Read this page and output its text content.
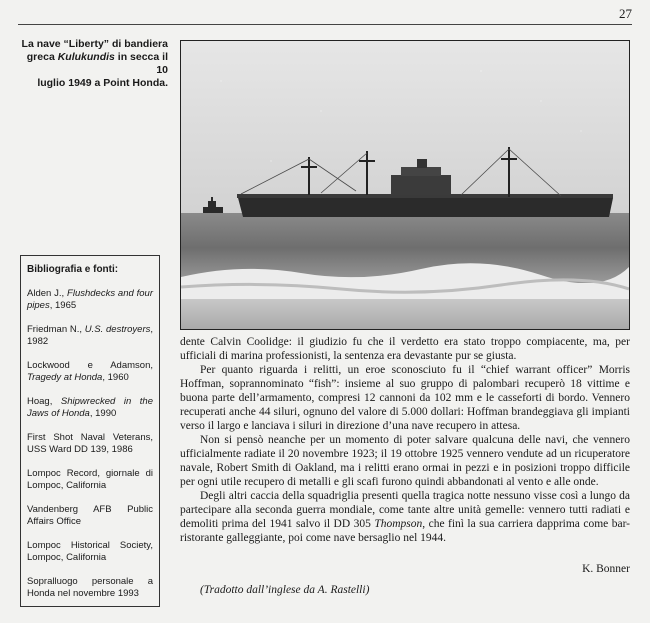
27
La nave “Liberty” di bandiera
greca Kulukundis in secca il 10
luglio 1949 a Point Honda.
Bibliografia e fonti:
Alden J., Flushdecks and four pipes, 1965
Friedman N., U.S. destroyers, 1982
Lockwood e Adamson, Tragedy at Honda, 1960
Hoag, Shipwrecked in the Jaws of Honda, 1990
First Shot Naval Veterans, USS Ward DD 139, 1986
Lompoc Record, giornale di Lompoc, California
Vandenberg AFB Public Affairs Office
Lompoc Historical Society, Lompoc, California
Sopralluogo personale a Honda nel novembre 1993

dente Calvin Coolidge: il giudizio fu che il verdetto era stato troppo compiacente, ma, per ufficiali di marina professionisti, la sentenza era devastante pur se giusta.

Per quanto riguarda i relitti, un eroe sconosciuto fu il “chief warrant officer” Morris Hoffman, soprannominato “fish”: insieme al suo gruppo di palombari recuperò 18 vittime e buona parte dell’armamento, compresi 12 cannoni da 102 mm e le casseforti di bordo. Vennero recuperati anche 44 siluri, ognuno del valore di 5.000 dollari: Hoffman brandeggiava gli impianti verso il largo e lanciava i siluri in direzione d’una nave recupero in attesa.

Non si pensò neanche per un momento di poter salvare qualcuna delle navi, che vennero ufficialmente radiate il 20 novembre 1923; il 19 ottobre 1925 vennero vendute ad un ricuperatore navale, Robert Smith di Oakland, ma i relitti erano ormai in pezzi e in posizioni troppo difficile per ogni utile recupero di metalli e gli scafi furono quindi abbandonati al vento e alle onde.

Degli altri caccia della squadriglia presenti quella tragica notte nessuno visse così a lungo da partecipare alla seconda guerra mondiale, come tante altre unità gemelle: vennero tutti radiati e demoliti prima del 1941 salvo il DD 305 Thompson, che finì la sua carriera dapprima come bar-ristorante galleggiante, poi come nave bersaglio nel 1944.

K. Bonner
(Tradotto dall’inglese da A. Rastelli)
